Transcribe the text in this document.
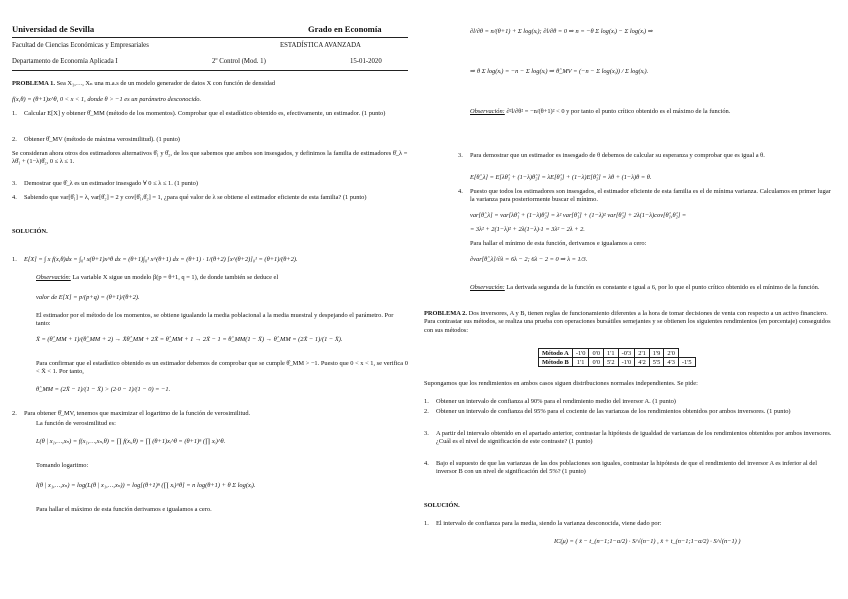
Universidad de Sevilla	Grado en Economía
Facultad de Ciencias Económicas y Empresariales	ESTADÍSTICA AVANZADA
Departamento de Economía Aplicada I	2º Control (Mod. 1)	15-01-2020
PROBLEMA 1. Sea X₁,…, Xₙ una m.a.s de un modelo generador de datos X con función de densidad
f(x,θ) = (θ+1)x^θ, 0 < x < 1, donde θ > −1 es un parámetro desconocido.
1. Calcular E[X] y obtener θ̂_MM (método de los momentos). Comprobar que el estadístico obtenido es, efectivamente, un estimador. (1 punto)
2. Obtener θ̂_MV (método de máxima verosimilitud). (1 punto)
Se consideran ahora otros dos estimadores alternativos θ̂₁ y θ̂₂, de los que sabemos que ambos son insesgados, y definimos la familia de estimadores θ̂_λ = λθ̂₁ + (1−λ)θ̂₂, 0 ≤ λ ≤ 1.
3. Demostrar que θ̂_λ es un estimador insesgado ∀ 0 ≤ λ ≤ 1. (1 punto)
4. Sabiendo que var[θ̂₁] = λ, var[θ̂₂] = 2 y cov[θ̂₁,θ̂₂] = 1, ¿para qué valor de λ se obtiene el estimador eficiente de esta familia? (1 punto)
SOLUCIÓN.
1. E[X] = ∫ x f(x,θ)dx = ∫₀¹ x(θ+1)x^θ dx = (θ+1)∫₀¹ x^(θ+1) dx = (θ+1) · 1/(θ+2) [x^(θ+2)]₀¹ = (θ+1)/(θ+2).
Observación: La variable X sigue un modelo β(p = θ+1, q = 1), de donde también se deduce el
valor de E[X] = p/(p+q) = (θ+1)/(θ+2).
El estimador por el método de los momentos, se obtiene igualando la media poblacional a la media muestral y despejando el parámetro. Por tanto:
X̄ = (θ̂_MM + 1)/(θ̂_MM + 2) → X̄θ̂_MM + 2X̄ = θ̂_MM + 1 → 2X̄ − 1 = θ̂_MM(1 − X̄) → θ̂_MM = (2X̄ − 1)/(1 − X̄).
Para confirmar que el estadístico obtenido es un estimador debemos de comprobar que se cumple θ̂_MM > −1. Puesto que 0 < x < 1, se verifica 0 < X̄ < 1. Por tanto,
θ̂_MM = (2X̄ − 1)/(1 − X̄) > (2·0 − 1)/(1 − 0) = −1.
2. Para obtener θ̂_MV, tenemos que maximizar el logaritmo de la función de verosimilitud.
La función de verosimilitud es:
L(θ | x₁,…,xₙ) = f(x₁,…,xₙ,θ) = ∏ f(xᵢ,θ) = ∏ (θ+1)xᵢ^θ = (θ+1)ⁿ (∏ xᵢ)^θ.
Tomando logaritmo:
l(θ | x₁,…,xₙ) = log(L(θ | x₁,…,xₙ)) = log[(θ+1)ⁿ (∏ xᵢ)^θ] = n log(θ+1) + θ Σ log(xᵢ).
Para hallar el máximo de esta función derivamos e igualamos a cero.
∂l/∂θ = n/(θ+1) + Σ log(xᵢ); ∂l/∂θ = 0 ⇒ n = −θ Σ log(xᵢ) − Σ log(xᵢ) ⇒
⇒ θ Σ log(xᵢ) = −n − Σ log(xᵢ) ⇒ θ̂_MV = (−n − Σ log(xᵢ)) / Σ log(xᵢ).
Observación: ∂²l/∂θ² = −n/(θ+1)² < 0 y por tanto el punto crítico obtenido es el máximo de la función.
3. Para demostrar que un estimador es insesgado de θ debemos de calcular su esperanza y comprobar que es igual a θ.
E[θ̂_λ] = E[λθ̂₁ + (1−λ)θ̂₂] = λE[θ̂₁] + (1−λ)E[θ̂₂] = λθ + (1−λ)θ = θ.
4. Puesto que todos los estimadores son insesgados, el estimador eficiente de esta familia es el de mínima varianza. Calculamos en primer lugar la varianza para posteriormente buscar el mínimo.
var[θ̂_λ] = var[λθ̂₁ + (1−λ)θ̂₂] = λ² var[θ̂₁] + (1−λ)² var[θ̂₂] + 2λ(1−λ)cov[θ̂₁,θ̂₂] =
= 3λ² + 2(1−λ)² + 2λ(1−λ)·1 = 3λ² − 2λ + 2.
Para hallar el mínimo de esta función, derivamos e igualamos a cero:
∂var[θ̂_λ]/∂λ = 6λ − 2; 6λ − 2 = 0 ⇒ λ = 1/3.
Observación: La derivada segunda de la función es constante e igual a 6, por lo que el punto crítico obtenido es el mínimo de la función.
PROBLEMA 2. Dos inversores, A y B, tienen reglas de funcionamiento diferentes a la hora de tomar decisiones de venta con respecto a un activo financiero. Para contrastar sus métodos, se realiza una prueba con operaciones bursátiles semejantes y se obtienen los siguientes rendimientos (en porcentaje) conseguidos con sus métodos:
Método A	-1'0	0'0	1'1	-0'3	2'1	1'9	2'0	
Método B	1'1	0'0	5'2	-1'0	4'2	5'5	4'3	-1'5
Supongamos que los rendimientos en ambos casos siguen distribuciones normales independientes. Se pide:
1. Obtener un intervalo de confianza al 90% para el rendimiento medio del inversor A. (1 punto)
2. Obtener un intervalo de confianza del 95% para el cociente de las varianzas de los rendimientos obtenidos por ambos inversores. (1 punto)
3. A partir del intervalo obtenido en el apartado anterior, contrastar la hipótesis de igualdad de varianzas de los rendimientos obtenidos por ambos inversores. ¿Cuál es el nivel de significación de este contraste? (1 punto)
4. Bajo el supuesto de que las varianzas de las dos poblaciones son iguales, contrastar la hipótesis de que el rendimiento del inversor A es inferior al del inversor B con un nivel de significación del 5%? (1 punto)
SOLUCIÓN.
1. El intervalo de confianza para la media, siendo la varianza desconocida, viene dado por:
IC(μ) = ( x̄ − t_(n−1;1−α/2) · S/√(n−1) , x̄ + t_(n−1;1−α/2) · S/√(n−1) )
